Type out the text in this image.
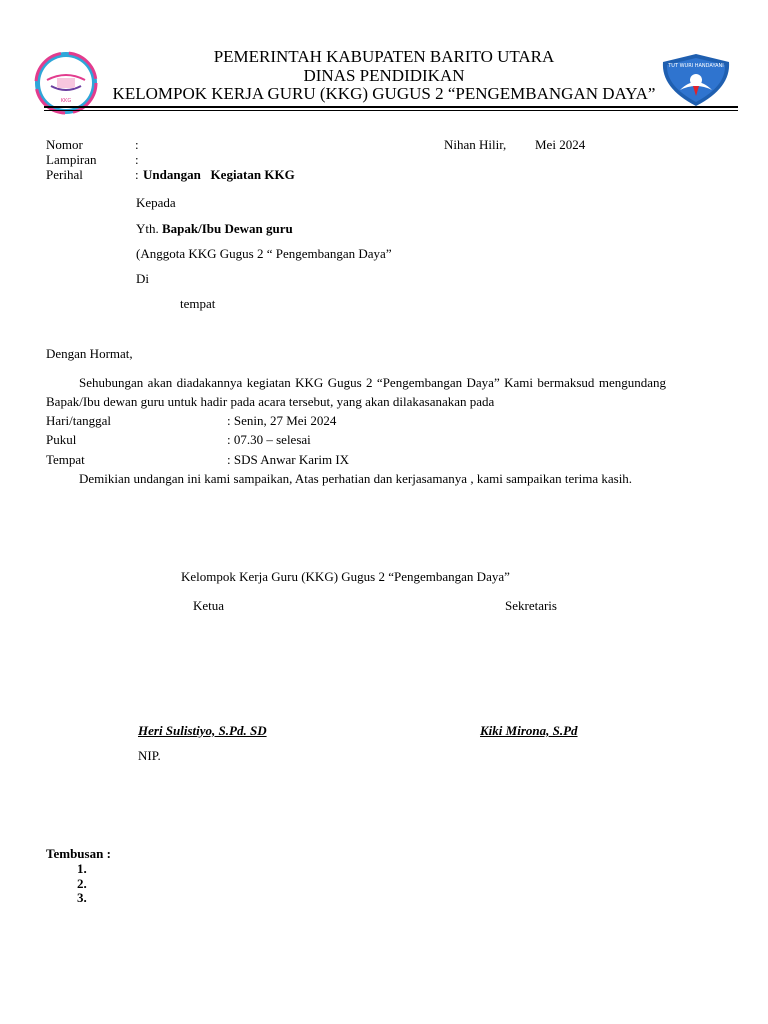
KKG
PEMERINTAH KABUPATEN BARITO UTARA
DINAS PENDIDIKAN
KELOMPOK KERJA GURU (KKG) GUGUS 2 “PENGEMBANGAN DAYA”
TUT WURI HANDAYANI
Nomor	:	Nihan Hilir, Mei 2024
Lampiran	:
Perihal	: Undangan   Kegiatan KKG
Kepada
Yth. Bapak/Ibu Dewan guru
(Anggota KKG Gugus 2 “ Pengembangan Daya”
Di
tempat
Dengan Hormat,
Sehubungan akan diadakannya kegiatan KKG Gugus 2 “Pengembangan Daya” Kami bermaksud mengundang Bapak/Ibu dewan guru untuk hadir pada acara tersebut, yang akan dilakasanakan pada
Hari/tanggal	: Senin, 27 Mei 2024
Pukul	: 07.30 – selesai
Tempat	: SDS Anwar Karim IX
Demikian undangan ini kami sampaikan, Atas perhatian dan kerjasamanya , kami sampaikan terima kasih.
Kelompok Kerja Guru (KKG) Gugus 2 “Pengembangan Daya”
Ketua	Sekretaris
Heri Sulistiyo, S.Pd. SD	Kiki Mirona, S.Pd
NIP.
Tembusan :
1.
2.
3.
